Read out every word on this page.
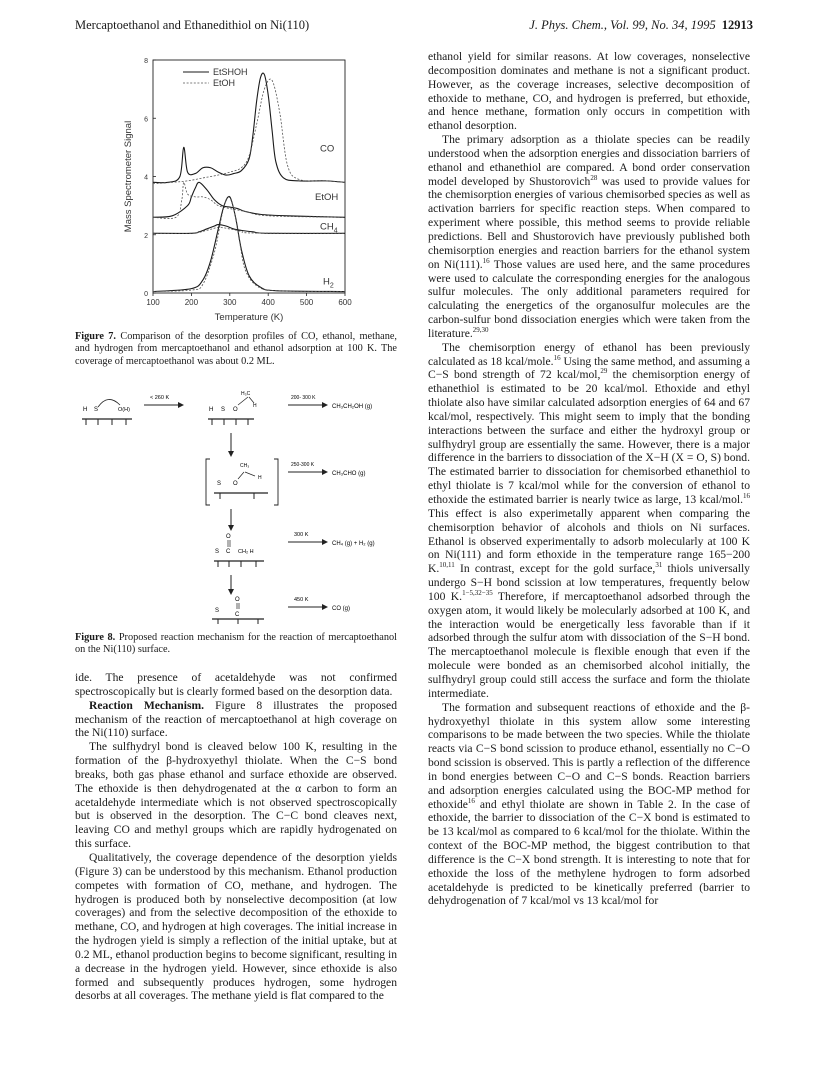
Mercaptoethanol and Ethanedithiol on Ni(110)	J. Phys. Chem., Vol. 99, No. 34, 1995 12913
100	200	300	400	500	600
0
2
4
6
8
Temperature (K)
Mass Spectrometer Signal
EtSHOH
EtOH
CO
EtOH
$CH_4$
$H_2$
Figure 7. Comparison of the desorption profiles of CO, ethanol, methane, and hydrogen from mercaptoethanol and ethanol adsorption at 100 K. The coverage of mercaptoethanol was about 0.2 ML.
H S	O(H)
< 260 K
H S O
H₃C
H
200- 300 K
CH₃CH₂OH (g)
S O
CH₃
H
250-300 K
CH₃CHO (g)
O
S C CH₂ H
300 K
CH₄ (g) + H₂ (g)
S
O
C
450 K
CO (g)
Figure 8. Proposed reaction mechanism for the reaction of mercaptoethanol on the Ni(110) surface.

ide. The presence of acetaldehyde was not confirmed spectroscopically but is clearly formed based on the desorption data.

Reaction Mechanism. Figure 8 illustrates the proposed mechanism of the reaction of mercaptoethanol at high coverage on the Ni(110) surface.

The sulfhydryl bond is cleaved below 100 K, resulting in the formation of the β-hydroxyethyl thiolate. When the C−S bond breaks, both gas phase ethanol and surface ethoxide are observed. The ethoxide is then dehydrogenated at the α carbon to form an acetaldehyde intermediate which is not observed spectroscopically but is observed in the desorption. The C−C bond cleaves next, leaving CO and methyl groups which are rapidly hydrogenated on this surface.

Qualitatively, the coverage dependence of the desorption yields (Figure 3) can be understood by this mechanism. Ethanol production competes with formation of CO, methane, and hydrogen. The hydrogen is produced both by nonselective decomposition (at low coverages) and from the selective decomposition of the ethoxide to methane, CO, and hydrogen at high coverages. The initial increase in the hydrogen yield is simply a reflection of the initial uptake, but at 0.2 ML, ethanol production begins to become significant, resulting in a decrease in the hydrogen yield. However, since ethoxide is also formed and subsequently produces hydrogen, some hydrogen desorbs at all coverages. The methane yield is flat compared to the

ethanol yield for similar reasons. At low coverages, nonselective decomposition dominates and methane is not a significant product. However, as the coverage increases, selective decomposition of ethoxide to methane, CO, and hydrogen is preferred, but ethoxide, and hence methane, formation only occurs in competition with ethanol desorption.

The primary adsorption as a thiolate species can be readily understood when the adsorption energies and dissociation barriers of ethanol and ethanethiol are compared. A bond order conservation model developed by Shustorovich$^{28}$ was used to provide values for the chemisorption energies of various chemisorbed species as well as activation barriers for specific reaction steps. When compared to experiment where possible, this method seems to provide reliable predictions. Bell and Shustorovich have previously published both chemisorption energies and reaction barriers for the ethanol system on Ni(111).$^{16}$ Those values are used here, and the same procedures were used to calculate the corresponding energies for the analogous sulfur molecules. The only additional parameters required for calculating the energetics of the organosulfur molecules are the carbon-sulfur bond dissociation energies which were taken from the literature.$^{29,30}$

The chemisorption energy of ethanol has been previously calculated as 18 kcal/mole.$^{16}$ Using the same method, and assuming a C−S bond strength of 72 kcal/mol,$^{29}$ the chemisorption energy of ethanethiol is estimated to be 20 kcal/mol. Ethoxide and ethyl thiolate also have similar calculated adsorption energies of 64 and 67 kcal/mol, respectively. This might seem to imply that the bonding interactions between the surface and either the hydroxyl group or sulfhydryl group are essentially the same. However, there is a major difference in the barriers to dissociation of the X−H (X = O, S) bond. The estimated barrier to dissociation for chemisorbed ethanethiol to ethyl thiolate is 7 kcal/mol while for the conversion of ethanol to ethoxide the estimated barrier is nearly twice as large, 13 kcal/mol.$^{16}$ This effect is also experimetally apparent when comparing the chemisorption behavior of alcohols and thiols on Ni surfaces. Ethanol is observed experimentally to adsorb molecularly at 100 K on Ni(111) and form ethoxide in the temperature range 165−200 K.$^{10,11}$ In contrast, except for the gold surface,$^{31}$ thiols universally undergo S−H bond scission at low temperatures, frequently below 100 K.$^{1-5,32-35}$ Therefore, if mercaptoethanol adsorbed through the oxygen atom, it would likely be molecularly adsorbed at 100 K, and the interaction would be energetically less favorable than if it adsorbed through the sulfur atom with dissociation of the S−H bond. The mercaptoethanol molecule is flexible enough that even if the molecule were bonded as an chemisorbed alcohol initially, the sulfhydryl group could still access the surface and form the thiolate intermediate.

The formation and subsequent reactions of ethoxide and the β-hydroxyethyl thiolate in this system allow some interesting comparisons to be made between the two species. While the thiolate reacts via C−S bond scission to produce ethanol, essentially no C−O bond scission is observed. This is partly a reflection of the difference in bond energies between C−O and C−S bonds. Reaction barriers and adsorption energies calculated using the BOC-MP method for ethoxide$^{16}$ and ethyl thiolate are shown in Table 2. In the case of ethoxide, the barrier to dissociation of the C−X bond is estimated to be 13 kcal/mol as compared to 6 kcal/mol for the thiolate. Within the context of the BOC-MP method, the biggest contribution to that difference is the C−X bond strength. It is interesting to note that for ethoxide the loss of the methylene hydrogen to form adsorbed acetaldehyde is predicted to be kinetically preferred (barrier to dehydrogenation of 7 kcal/mol vs 13 kcal/mol for
